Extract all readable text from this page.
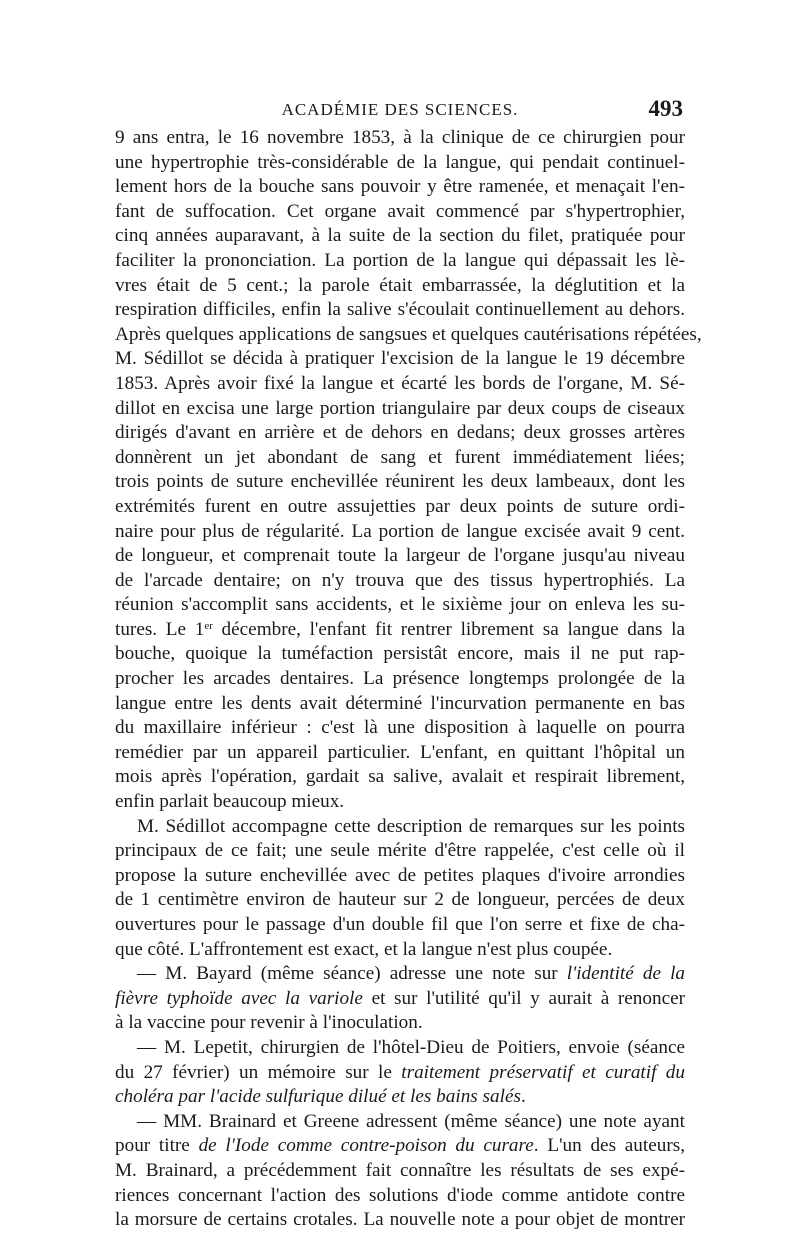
ACADÉMIE DES SCIENCES.	493
9 ans entra, le 16 novembre 1853, à la clinique de ce chirurgien pour
une hypertrophie très-considérable de la langue, qui pendait continuel-
lement hors de la bouche sans pouvoir y être ramenée, et menaçait l'en-
fant de suffocation. Cet organe avait commencé par s'hypertrophier,
cinq années auparavant, à la suite de la section du filet, pratiquée pour
faciliter la prononciation. La portion de la langue qui dépassait les lè-
vres était de 5 cent.; la parole était embarrassée, la déglutition et la
respiration difficiles, enfin la salive s'écoulait continuellement au dehors.
Après quelques applications de sangsues et quelques cautérisations répétées,
M. Sédillot se décida à pratiquer l'excision de la langue le 19 décembre
1853. Après avoir fixé la langue et écarté les bords de l'organe, M. Sé-
dillot en excisa une large portion triangulaire par deux coups de ciseaux
dirigés d'avant en arrière et de dehors en dedans; deux grosses artères
donnèrent un jet abondant de sang et furent immédiatement liées;
trois points de suture enchevillée réunirent les deux lambeaux, dont les
extrémités furent en outre assujetties par deux points de suture ordi-
naire pour plus de régularité. La portion de langue excisée avait 9 cent.
de longueur, et comprenait toute la largeur de l'organe jusqu'au niveau
de l'arcade dentaire; on n'y trouva que des tissus hypertrophiés. La
réunion s'accomplit sans accidents, et le sixième jour on enleva les su-
tures. Le 1er décembre, l'enfant fit rentrer librement sa langue dans la
bouche, quoique la tuméfaction persistât encore, mais il ne put rap-
procher les arcades dentaires. La présence longtemps prolongée de la
langue entre les dents avait déterminé l'incurvation permanente en bas
du maxillaire inférieur : c'est là une disposition à laquelle on pourra
remédier par un appareil particulier. L'enfant, en quittant l'hôpital un
mois après l'opération, gardait sa salive, avalait et respirait librement,
enfin parlait beaucoup mieux.
M. Sédillot accompagne cette description de remarques sur les points
principaux de ce fait; une seule mérite d'être rappelée, c'est celle où il
propose la suture enchevillée avec de petites plaques d'ivoire arrondies
de 1 centimètre environ de hauteur sur 2 de longueur, percées de deux
ouvertures pour le passage d'un double fil que l'on serre et fixe de cha-
que côté. L'affrontement est exact, et la langue n'est plus coupée.
— M. Bayard (même séance) adresse une note sur l'identité de la
fièvre typhoïde avec la variole et sur l'utilité qu'il y aurait à renoncer
à la vaccine pour revenir à l'inoculation.
— M. Lepetit, chirurgien de l'hôtel-Dieu de Poitiers, envoie (séance
du 27 février) un mémoire sur le traitement préservatif et curatif du
choléra par l'acide sulfurique dilué et les bains salés.
— MM. Brainard et Greene adressent (même séance) une note ayant
pour titre de l'Iode comme contre-poison du curare. L'un des auteurs,
M. Brainard, a précédemment fait connaître les résultats de ses expé-
riences concernant l'action des solutions d'iode comme antidote contre
la morsure de certains crotales. La nouvelle note a pour objet de montrer
